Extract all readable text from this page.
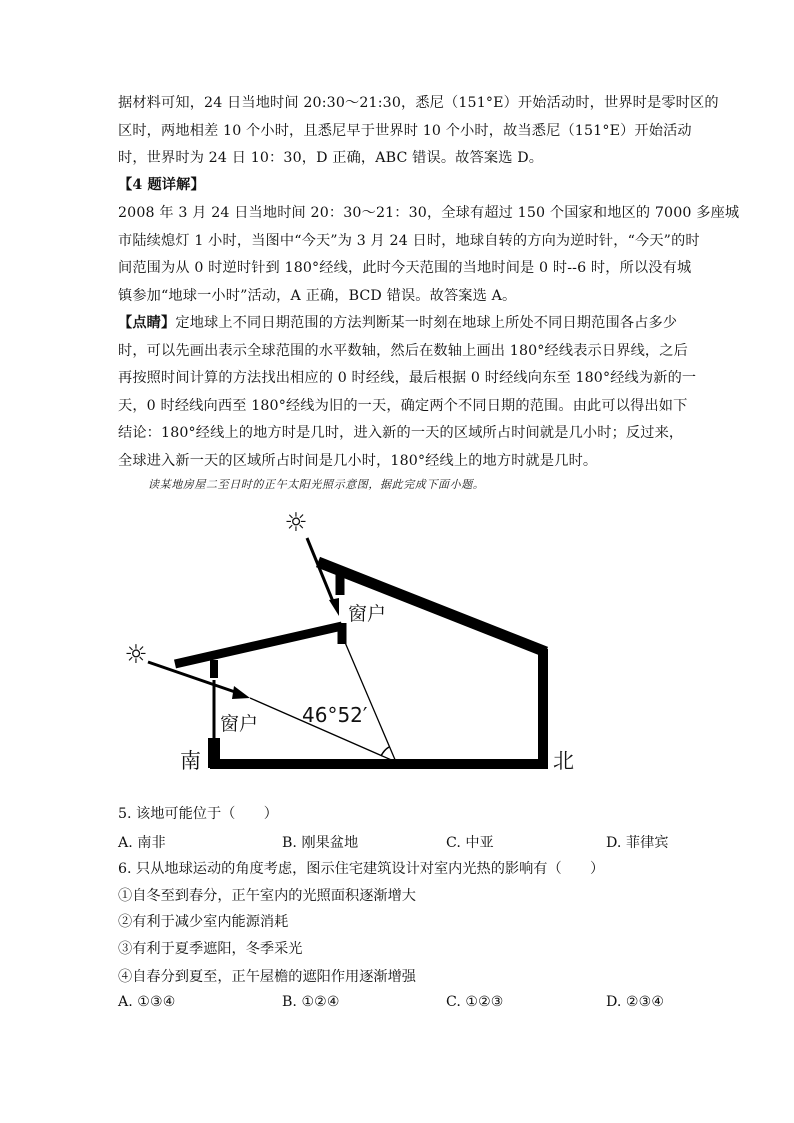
据材料可知，24 日当地时间 20:30～21:30，悉尼（151°E）开始活动时，世界时是零时区的
区时，两地相差 10 个小时，且悉尼早于世界时 10 个小时，故当悉尼（151°E）开始活动
时，世界时为 24 日 10：30，D 正确，ABC 错误。故答案选 D。
【4 题详解】
2008 年 3 月 24 日当地时间 20：30～21：30，全球有超过 150 个国家和地区的 7000 多座城
市陆续熄灯 1 小时，当图中“今天”为 3 月 24 日时，地球自转的方向为逆时针，“今天”的时
间范围为从 0 时逆时针到 180°经线，此时今天范围的当地时间是 0 时--6 时，所以没有城
镇参加“地球一小时”活动，A 正确，BCD 错误。故答案选 A。
【点睛】定地球上不同日期范围的方法判断某一时刻在地球上所处不同日期范围各占多少
时，可以先画出表示全球范围的水平数轴，然后在数轴上画出 180°经线表示日界线，之后
再按照时间计算的方法找出相应的 0 时经线，最后根据 0 时经线向东至 180°经线为新的一
天，0 时经线向西至 180°经线为旧的一天，确定两个不同日期的范围。由此可以得出如下
结论：180°经线上的地方时是几时，进入新的一天的区域所占时间就是几小时；反过来，
全球进入新一天的区域所占时间是几小时，180°经线上的地方时就是几时。
读某地房屋二至日时的正午太阳光照示意图，据此完成下面小题。
☼
☼
窗户
窗户 46°52′
南	北
5. 该地可能位于（　　）
A. 南非	B. 刚果盆地	C. 中亚	D. 菲律宾
6. 只从地球运动的角度考虑，图示住宅建筑设计对室内光热的影响有（　　）
①自冬至到春分，正午室内的光照面积逐渐增大
②有利于减少室内能源消耗
③有利于夏季遮阳，冬季采光
④自春分到夏至，正午屋檐的遮阳作用逐渐增强
A. ①③④	B. ①②④	C. ①②③	D. ②③④
